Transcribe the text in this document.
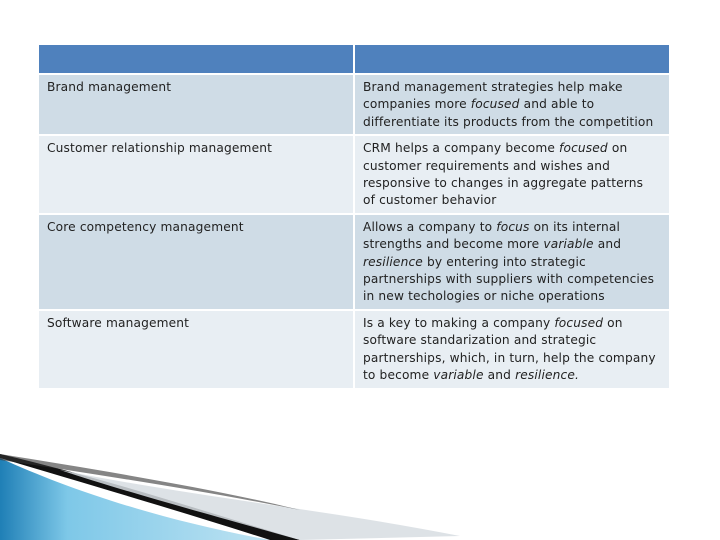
Brand management	Brand management strategies help make companies more focused and able to differentiate its products from the competition
Customer relationship management	CRM helps a company become focused on customer requirements and wishes and responsive to changes in aggregate patterns of customer behavior
Core competency management	Allows a company to focus on its internal strengths and become more variable and resilience by entering into strategic partnerships with suppliers with competencies in new techologies or niche operations
Software management	Is a key to making a company focused on software standarization and strategic partnerships, which, in turn, help the company to become variable and resilience.
